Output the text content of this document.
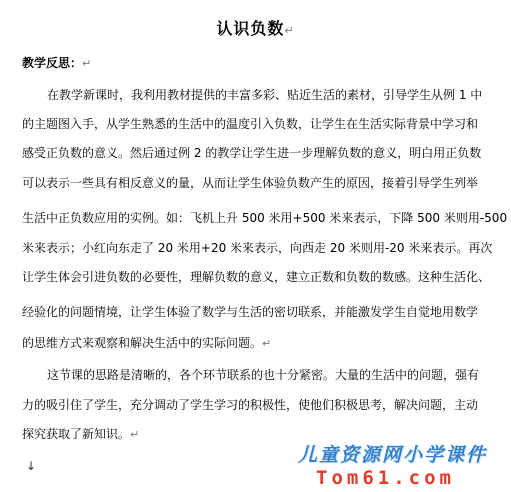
认识负数↵
教学反思：↵
在教学新课时，我利用教材提供的丰富多彩、贴近生活的素材，引导学生从例 1 中
的主题图入手，从学生熟悉的生活中的温度引入负数，让学生在生活实际背景中学习和
感受正负数的意义。然后通过例 2 的教学让学生进一步理解负数的意义，明白用正负数
可以表示一些具有相反意义的量，从而让学生体验负数产生的原因，接着引导学生列举
生活中正负数应用的实例。如：飞机上升 500 米用+500 米来表示，下降 500 米则用-500
米来表示；小红向东走了 20 米用+20 米来表示，向西走 20 米则用-20 米来表示。再次
让学生体会引进负数的必要性，理解负数的意义，建立正数和负数的数感。这种生活化、
经验化的问题情境，让学生体验了数学与生活的密切联系，并能激发学生自觉地用数学
的思维方式来观察和解决生活中的实际问题。↵
这节课的思路是清晰的，各个环节联系的也十分紧密。大量的生活中的问题，强有
力的吸引住了学生，充分调动了学生学习的积极性，使他们积极思考，解决问题，主动
探究获取了新知识。↵
↓	儿童资源网小学课件
Tom61.com
